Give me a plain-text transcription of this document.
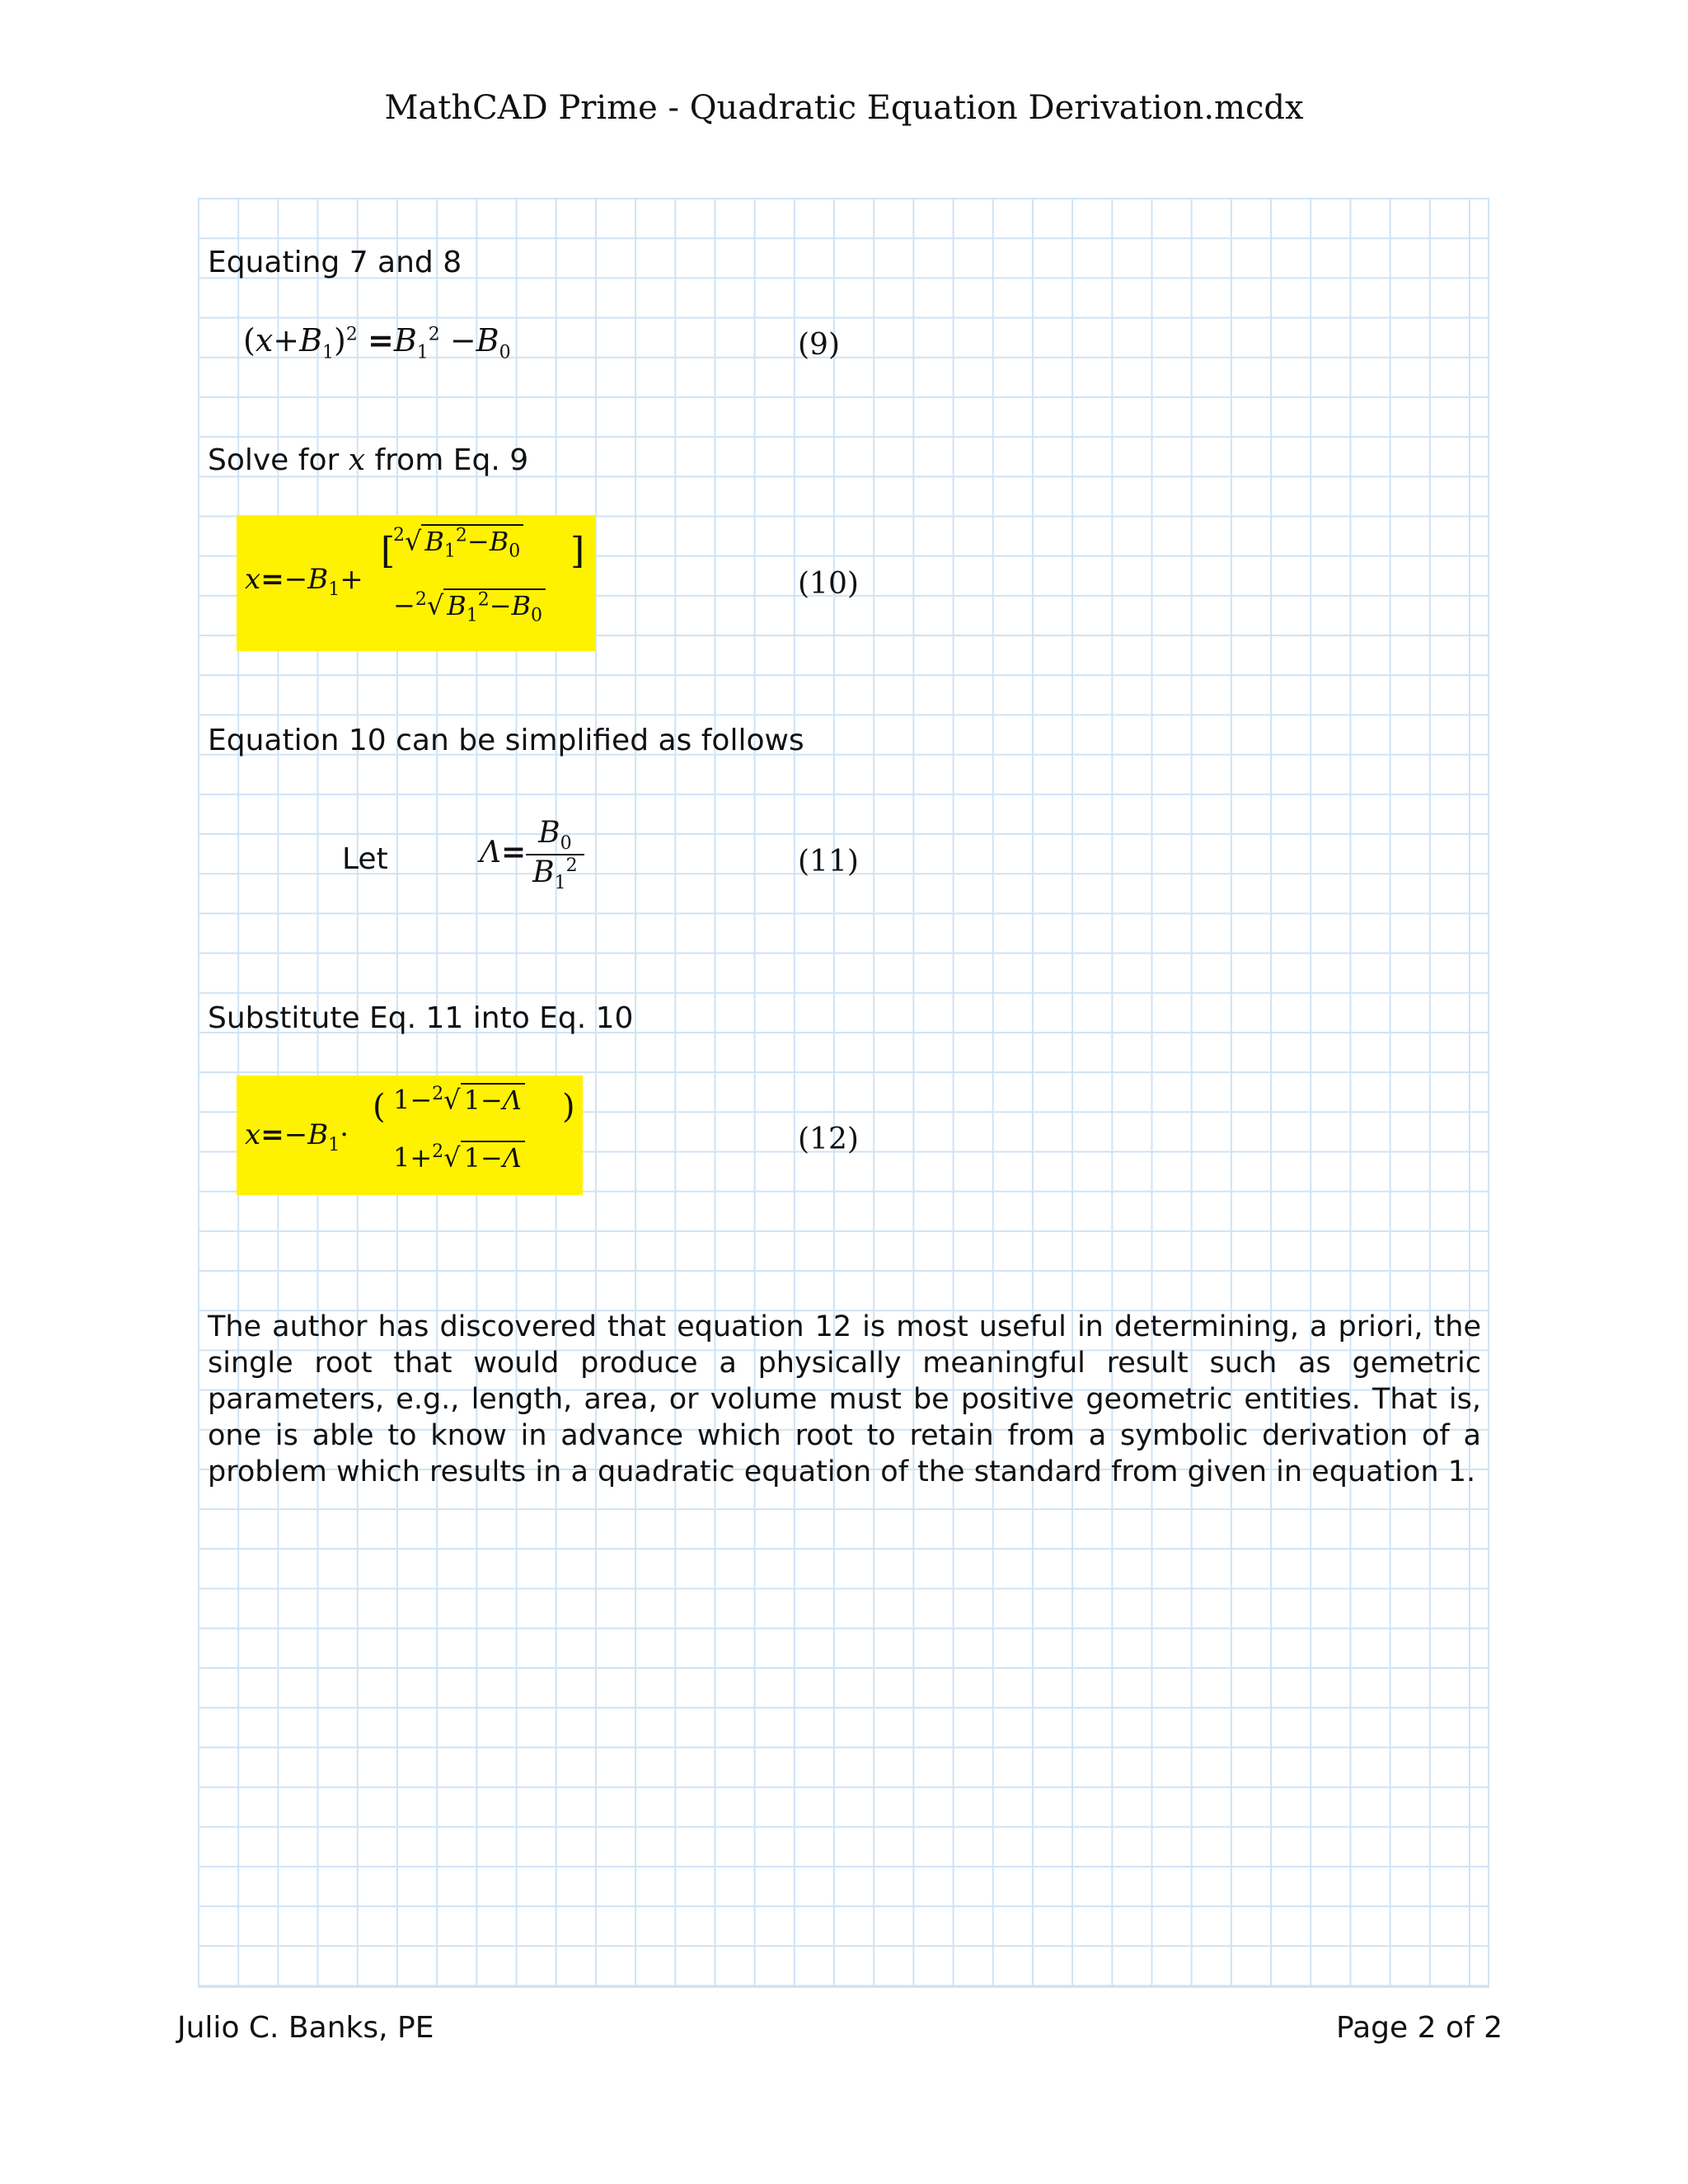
MathCAD Prime - Quadratic Equation Derivation.mcdx
Equating 7 and 8
$(x+B_1)^2 =B_1^2 -B_0$	(9)
Solve for x from Eq. 9
$x=-B_1+$
[
$^2$√ $B_1^2-B_0$
−$^2$√ $B_1^2-B_0$
]
(10)
Equation 10 can be simplified as follows
Let	$\Lambda= \frac{B_0}{B_1^2}$	(11)
Substitute Eq. 11 into Eq. 10
$x=-B_1\cdot$
( 1−$^2$√ 1−Λ
1+$^2$√ 1−Λ
)
(12)
The author has discovered that equation 12 is most useful in determining, a priori, the single root that would produce a physically meaningful result such as gemetric parameters, e.g., length, area, or volume must be positive geometric entities. That is, one is able to know in advance which root to retain from a symbolic derivation of a problem which results in a quadratic equation of the standard from given in equation 1.
Julio C. Banks, PE	Page 2 of 2
